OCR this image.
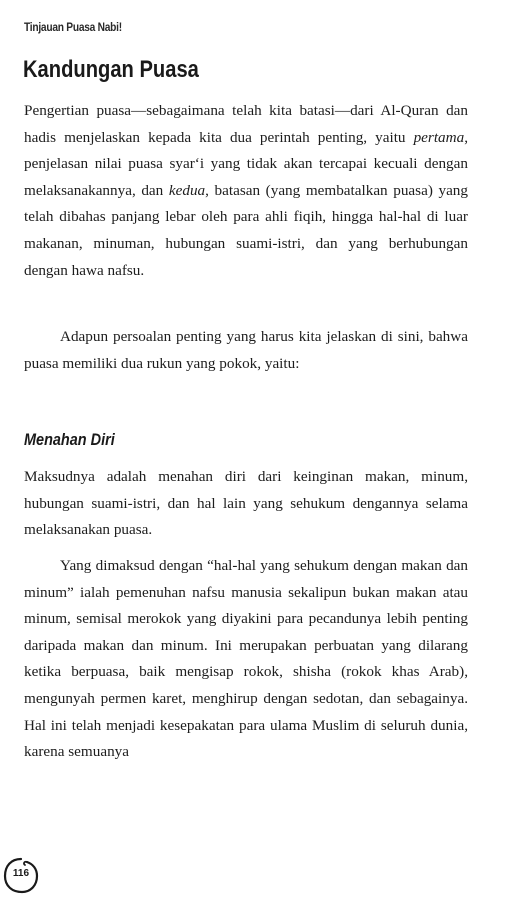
Tinjauan Puasa Nabi!
Kandungan Puasa

Pengertian puasa—sebagaimana telah kita batasi—dari Al-Quran dan hadis menjelaskan kepada kita dua perintah penting, yaitu pertama, penjelasan nilai puasa syar‘i yang tidak akan tercapai kecuali dengan melaksanakannya, dan kedua, batasan (yang membatalkan puasa) yang telah dibahas panjang lebar oleh para ahli fiqih, hingga hal-hal di luar makanan, minuman, hubungan suami-istri, dan yang berhubungan dengan hawa nafsu.

Adapun persoalan penting yang harus kita jelaskan di sini, bahwa puasa memiliki dua rukun yang pokok, yaitu:

Menahan Diri

Maksudnya adalah menahan diri dari keinginan makan, minum, hubungan suami-istri, dan hal lain yang sehukum dengannya selama melaksanakan puasa.

Yang dimaksud dengan “hal-hal yang sehukum dengan makan dan minum” ialah pemenuhan nafsu manusia sekalipun bukan makan atau minum, semisal merokok yang diyakini para pecandunya lebih penting daripada makan dan minum. Ini merupakan perbuatan yang dilarang ketika berpuasa, baik mengisap rokok, shisha (rokok khas Arab), mengunyah permen karet, menghirup dengan sedotan, dan sebagainya. Hal ini telah menjadi kesepakatan para ulama Muslim di seluruh dunia, karena semuanya

116
